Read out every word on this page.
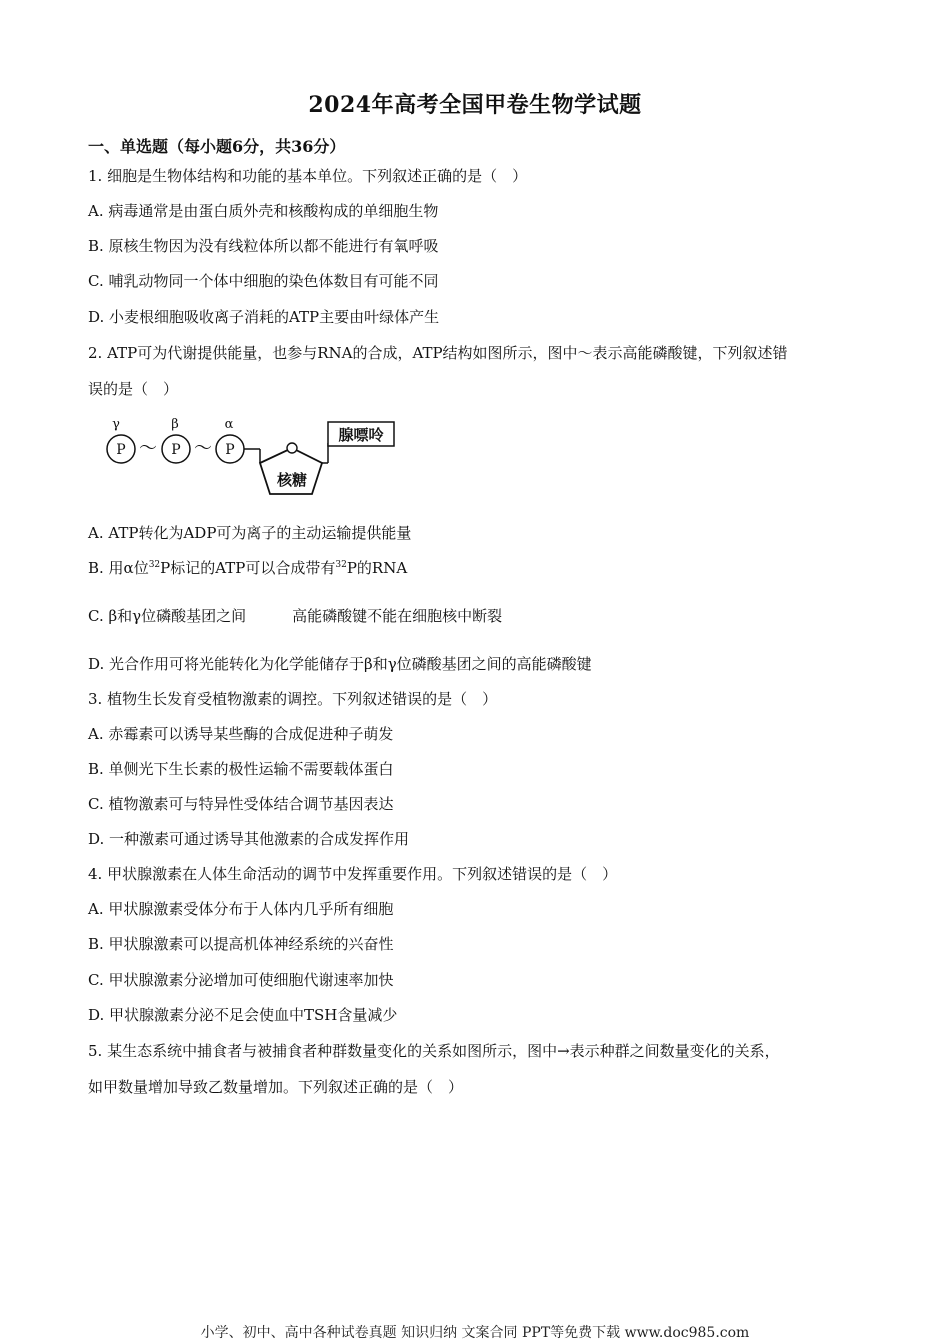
2024年高考全国甲卷生物学试题
一、单选题（每小题6分，共36分）
1. 细胞是生物体结构和功能的基本单位。下列叙述正确的是（　）
A. 病毒通常是由蛋白质外壳和核酸构成的单细胞生物
B. 原核生物因为没有线粒体所以都不能进行有氧呼吸
C. 哺乳动物同一个体中细胞的染色体数目有可能不同
D. 小麦根细胞吸收离子消耗的ATP主要由叶绿体产生
2. ATP可为代谢提供能量，也参与RNA的合成，ATP结构如图所示，图中～表示高能磷酸键，下列叙述错
误的是（　）
γ	β	α
P	P	P
～ ～
核糖
腺嘌呤
A. ATP转化为ADP可为离子的主动运输提供能量
B. 用α位$^{32}$P标记的ATP可以合成带有$^{32}$P的RNA
C. β和γ位磷酸基团之间	高能磷酸键不能在细胞核中断裂
D. 光合作用可将光能转化为化学能储存于β和γ位磷酸基团之间的高能磷酸键
3. 植物生长发育受植物激素的调控。下列叙述错误的是（　）
A. 赤霉素可以诱导某些酶的合成促进种子萌发
B. 单侧光下生长素的极性运输不需要载体蛋白
C. 植物激素可与特异性受体结合调节基因表达
D. 一种激素可通过诱导其他激素的合成发挥作用
4. 甲状腺激素在人体生命活动的调节中发挥重要作用。下列叙述错误的是（　）
A. 甲状腺激素受体分布于人体内几乎所有细胞
B. 甲状腺激素可以提高机体神经系统的兴奋性
C. 甲状腺激素分泌增加可使细胞代谢速率加快
D. 甲状腺激素分泌不足会使血中TSH含量减少
5. 某生态系统中捕食者与被捕食者种群数量变化的关系如图所示，图中→表示种群之间数量变化的关系，
如甲数量增加导致乙数量增加。下列叙述正确的是（　）
小学、初中、高中各种试卷真题 知识归纳 文案合同 PPT等免费下载 www.doc985.com
